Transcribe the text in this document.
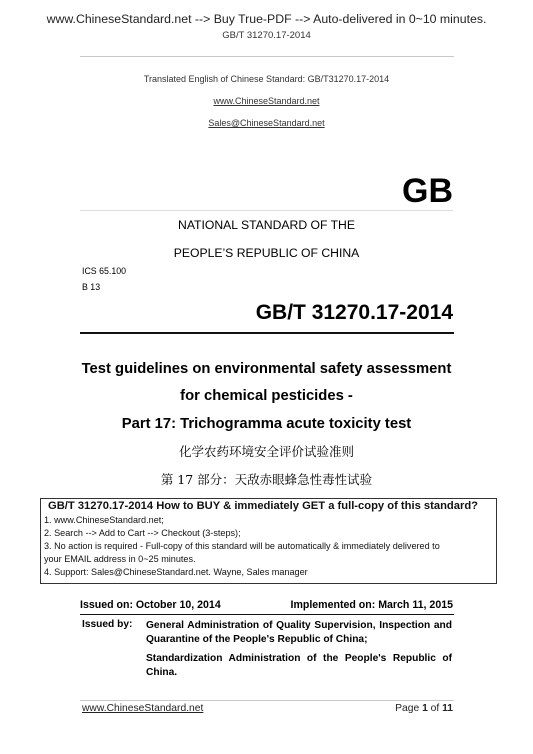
www.ChineseStandard.net --> Buy True-PDF --> Auto-delivered in 0~10 minutes.
GB/T 31270.17-2014
Translated English of Chinese Standard: GB/T31270.17-2014
www.ChineseStandard.net
Sales@ChineseStandard.net
GB
NATIONAL STANDARD OF THE
PEOPLE’S REPUBLIC OF CHINA
ICS 65.100
B 13
GB/T 31270.17-2014
Test guidelines on environmental safety assessment
for chemical pesticides -
Part 17: Trichogramma acute toxicity test
化学农药环境安全评价试验准则
第 17 部分：天敌赤眼蜂急性毒性试验
GB/T 31270.17-2014 How to BUY & immediately GET a full-copy of this standard?
1. www.ChineseStandard.net;
2. Search --> Add to Cart --> Checkout (3-steps);
3. No action is required - Full-copy of this standard will be automatically & immediately delivered to
your EMAIL address in 0~25 minutes.
4. Support: Sales@ChineseStandard.net. Wayne, Sales manager
Issued on: October 10, 2014	Implemented on: March 11, 2015
Issued by: General Administration of Quality Supervision, Inspection and Quarantine of the People's Republic of China;
Standardization Administration of the People's Republic of China.
www.ChineseStandard.net	Page 1 of 11
